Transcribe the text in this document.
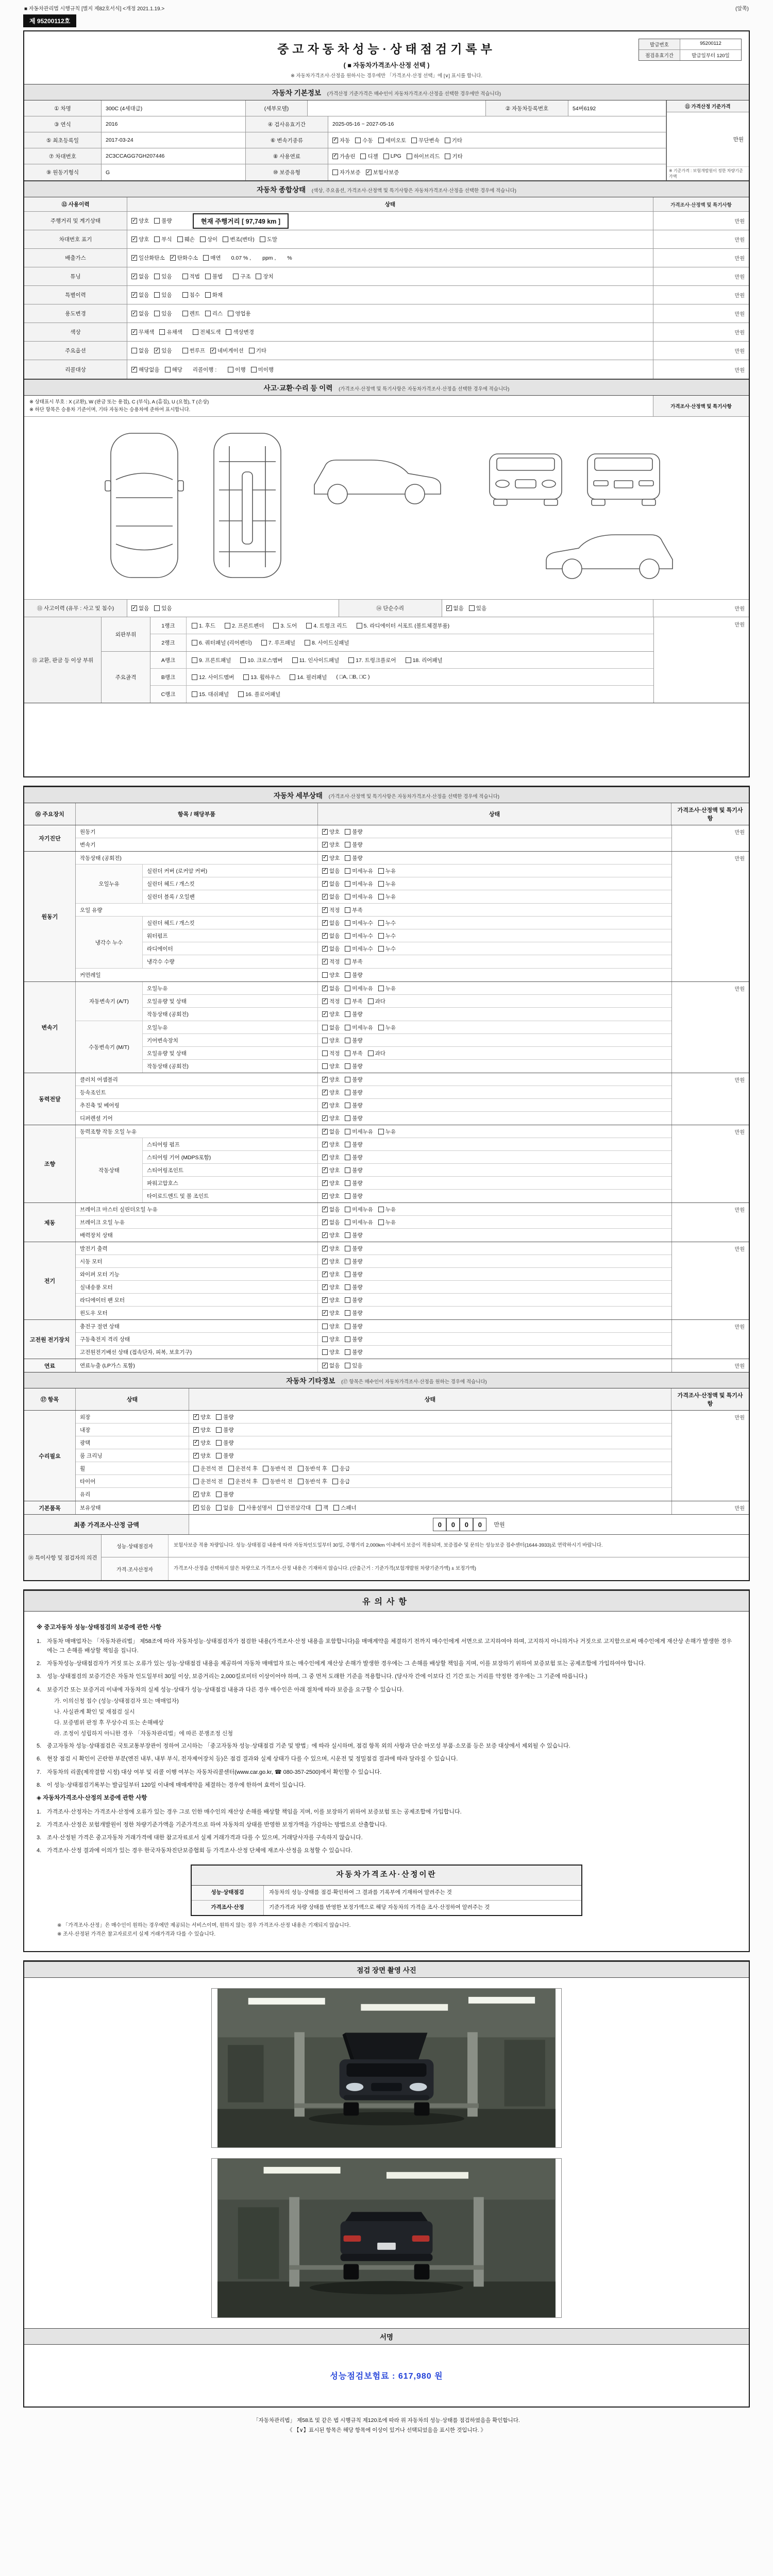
■ 자동차관리법 시행규칙 [별지 제82호서식] <개정 2021.1.19.>	(앞쪽)
제 95200112호
중고자동차성능·상태점검기록부
( ■ 자동차가격조사·산정 선택 )
※ 자동차가격조사·산정을 원하시는 경우에만 「가격조사·산정 선택」에 [∨] 표시를 합니다.
발급번호	95200112
점검유효기간	발급일부터 120일
자동차 기본정보 (가격산정 기준가격은 매수인이 자동차가격조사·산정을 선택한 경우에만 적습니다)
① 차명	300C (4세대급)	(세부모델)	② 자동차등록번호	54버6192
③ 연식	2016	④ 검사유효기간	2025-05-16 ~ 2027-05-16
⑤ 최초등록일	2017-03-24	⑥ 변속기종류	✓ 자동 수동 세미오토 무단변속 기타
⑦ 차대번호	2C3CCAGG7GH207446	⑧ 사용연료	✓ 가솔린 디젤 LPG 하이브리드 기타
⑨ 원동기형식	G	⑩ 보증유형	자가보증 ✓ 보험사보증
⑪ 가격산정 기준가격
만원
※ 기준가격 : 보험개발원이 정한 차량기준가액
자동차 종합상태 (색상, 주요옵션, 가격조사·산정액 및 특기사항은 자동차가격조사·산정을 선택한 경우에 적습니다)
⑫ 사용이력	상태	가격조사·산정액 및 특기사항
주행거리 및 계기상태	✓ 양호 불량	현재 주행거리 [ 97,749 km ]	만원
차대번호 표기	✓ 양호 부식 훼손 상이 변조(변타) 도말	만원
배출가스	✓ 일산화탄소 ✓ 탄화수소 매연 0.07 % , ppm , %	만원
튜닝	✓ 없음 있음	적법 불법	구조 장치	만원
특별이력	✓ 없음 있음	침수 화재	만원
용도변경	✓ 없음 있음	렌트 리스 영업용	만원
색상	✓ 무채색 유채색	전체도색 색상변경	만원
주요옵션	없음 ✓ 있음	썬루프 ✓ 네비게이션 기타	만원
리콜대상	✓ 해당없음 해당 리콜이행 :	이행 미이행	만원
사고·교환·수리 등 이력 (가격조사·산정액 및 특기사항은 자동차가격조사·산정을 선택한 경우에 적습니다)
※ 상태표시 부호 : X (교환), W (판금 또는 용접), C (부식), A (흠집), U (요철), T (손상)
※ 하단 항목은 승용차 기준이며, 기타 자동차는 승용차에 준하여 표시합니다.
가격조사·산정액 및 특기사항
⑬ 사고이력 (유무 : 사고 및 침수)	✓ 없음 있음	⑭ 단순수리	✓ 없음 있음	만원
⑮ 교환, 판금 등 이상 부위
외판부위
1랭크	1. 후드	2. 프론트펜더	3. 도어	4. 트렁크 리드	5. 라디에이터 서포트 (볼트체결부품)
2랭크	6. 쿼터패널 (리어펜더)	7. 루프패널	8. 사이드실패널
주요골격
A랭크	9. 프론트패널	10. 크로스멤버	11. 인사이드패널	17. 트렁크플로어	18. 리어패널
B랭크	12. 사이드멤버	13. 휠하우스	14. 필러패널 ( □A, □B, □C )
C랭크	15. 대쉬패널	16. 플로어패널
만원
자동차 세부상태 (가격조사·산정액 및 특기사항은 자동차가격조사·산정을 선택한 경우에 적습니다)
⑯ 주요장치	항목 / 해당부품	상태
가격조사·산정액 및 특기사항
자기진단
원동기	✓ 양호 불량
변속기	✓ 양호 불량
만원
원동기
작동상태 (공회전)	✓ 양호 불량
오일누유
실린더 커버 (로커암 커버)	✓ 없음 미세누유 누유
실린더 헤드 / 개스킷	✓ 없음 미세누유 누유
실린더 블록 / 오일팬	✓ 없음 미세누유 누유
오일 유량	✓ 적정 부족
냉각수 누수
실린더 헤드 / 개스킷	✓ 없음 미세누수 누수
워터펌프	✓ 없음 미세누수 누수
라디에이터	✓ 없음 미세누수 누수
냉각수 수량	✓ 적정 부족
커먼레일	양호 불량
만원
변속기
자동변속기 (A/T)
오일누유	✓ 없음 미세누유 누유
오일유량 및 상태	✓ 적정 부족 과다
작동상태 (공회전)	✓ 양호 불량
수동변속기 (M/T)
오일누유	없음 미세누유 누유
기어변속장치	양호 불량
오일유량 및 상태	적정 부족 과다
작동상태 (공회전)	양호 불량
만원
동력전달
클러치 어셈블리	✓ 양호 불량
등속조인트	✓ 양호 불량
추진축 및 베어링	✓ 양호 불량
디퍼렌셜 기어	✓ 양호 불량
만원
조향
동력조향 작동 오일 누유	✓ 없음 미세누유 누유
작동상태
스티어링 펌프	✓ 양호 불량
스티어링 기어 (MDPS포함)	✓ 양호 불량
스티어링조인트	✓ 양호 불량
파워고압호스	✓ 양호 불량
타이로드엔드 및 볼 조인트	✓ 양호 불량
만원
제동
브레이크 마스터 실린더오일 누유	✓ 없음 미세누유 누유
브레이크 오일 누유	✓ 없음 미세누유 누유
배력장치 상태	✓ 양호 불량
만원
전기
발전기 출력	✓ 양호 불량
시동 모터	✓ 양호 불량
와이퍼 모터 기능	✓ 양호 불량
실내송풍 모터	✓ 양호 불량
라디에이터 팬 모터	✓ 양호 불량
윈도우 모터	✓ 양호 불량
만원
고전원 전기장치
충전구 절연 상태	양호 불량
구동축전지 격리 상태	양호 불량
고전원전기배선 상태 (접속단자, 피복, 보호기구)	양호 불량
만원
연료	연료누출 (LP가스 포함)	✓ 없음 있음	만원
자동차 기타정보 (⑰ 항목은 매수인이 자동차가격조사·산정을 원하는 경우에 적습니다)
⑰ 항목	상태	상태
가격조사·산정액 및 특기사항
수리필요
외장	✓ 양호 불량
내장	✓ 양호 불량
광택	✓ 양호 불량
룸 크리닝	✓ 양호 불량
휠	운전석 전 운전석 후 동반석 전 동반석 후 응급
타이어	운전석 전 운전석 후 동반석 전 동반석 후 응급
유리	✓ 양호 불량
만원
기본품목	보유상태	✓ 있음 없음 사용설명서 안전삼각대 잭 스패너	만원
최종 가격조사·산정 금액	0 0 0 0	만원
⑱ 특이사항 및 점검자의 의견
성능·상태점검자	보험사보증 적용 차량입니다. 성능·상태점검 내용에 따라 자동차인도일부터 30일, 주행거리 2,000km 이내에서 보증이 적용되며, 보증접수 및 문의는 성능보증 접수센터(1644-3933)로 연락하시기 바랍니다.
가격·조사산정자	가격조사·산정을 선택하지 않은 차량으로 가격조사·산정 내용은 기재하지 않습니다. (산출근거 : 기준가격(보험개발원 차량기준가액) ± 보정가액)
유의사항
※ 중고자동차 성능·상태점검의 보증에 관한 사항
1. 자동차 매매업자는 「자동차관리법」 제58조에 따라 자동차성능·상태점검자가 점검한 내용(가격조사·산정 내용을 포함합니다)을 매매계약을 체결하기 전까지 매수인에게 서면으로 고지하여야 하며, 고지하지 아니하거나 거짓으로 고지함으로써 매수인에게 재산상 손해가 발생한 경우에는 그 손해를 배상할 책임을 집니다.
2. 자동차성능·상태점검자가 거짓 또는 오류가 있는 성능·상태점검 내용을 제공하여 자동차 매매업자 또는 매수인에게 재산상 손해가 발생한 경우에는 그 손해를 배상할 책임을 지며, 이를 보장하기 위하여 보증보험 또는 공제조합에 가입하여야 합니다.
3. 성능·상태점검의 보증기간은 자동차 인도일부터 30일 이상, 보증거리는 2,000킬로미터 이상이어야 하며, 그 중 먼저 도래한 기준을 적용합니다. (당사자 간에 이보다 긴 기간 또는 거리를 약정한 경우에는 그 기준에 따릅니다.)
4. 보증기간 또는 보증거리 이내에 자동차의 실제 성능·상태가 성능·상태점검 내용과 다른 경우 매수인은 아래 절차에 따라 보증을 요구할 수 있습니다.
가. 이의신청 접수 (성능·상태점검자 또는 매매업자)
나. 사실관계 확인 및 재점검 실시
다. 보증범위 판정 후 무상수리 또는 손해배상
라. 조정이 성립하지 아니한 경우 「자동차관리법」에 따른 분쟁조정 신청
5. 중고자동차 성능·상태점검은 국토교통부장관이 정하여 고시하는 「중고자동차 성능·상태점검 기준 및 방법」에 따라 실시하며, 점검 항목 외의 사항과 단순 마모성 부품·소모품 등은 보증 대상에서 제외될 수 있습니다.
6. 현장 점검 시 확인이 곤란한 부분(엔진 내부, 내부 부식, 전자제어장치 등)은 점검 결과와 실제 상태가 다를 수 있으며, 시운전 및 정밀점검 결과에 따라 달라질 수 있습니다.
7. 자동차의 리콜(제작결함 시정) 대상 여부 및 리콜 이행 여부는 자동차리콜센터(www.car.go.kr, ☎ 080-357-2500)에서 확인할 수 있습니다.
8. 이 성능·상태점검기록부는 발급일부터 120일 이내에 매매계약을 체결하는 경우에 한하여 효력이 있습니다.
◈ 자동차가격조사·산정의 보증에 관한 사항
1. 가격조사·산정자는 가격조사·산정에 오류가 있는 경우 그로 인한 매수인의 재산상 손해를 배상할 책임을 지며, 이를 보장하기 위하여 보증보험 또는 공제조합에 가입합니다.
2. 가격조사·산정은 보험개발원이 정한 차량기준가액을 기준가격으로 하여 자동차의 상태를 반영한 보정가액을 가감하는 방법으로 산출합니다.
3. 조사·산정된 가격은 중고자동차 거래가격에 대한 참고자료로서 실제 거래가격과 다를 수 있으며, 거래당사자를 구속하지 않습니다.
4. 가격조사·산정 결과에 이의가 있는 경우 한국자동차진단보증협회 등 가격조사·산정 단체에 재조사·산정을 요청할 수 있습니다.
자동차가격조사·산정이란
성능·상태점검	자동차의 성능·상태를 점검·확인하여 그 결과를 기록부에 기재하여 알려주는 것
가격조사·산정	기준가격과 차량 상태를 반영한 보정가액으로 해당 자동차의 가격을 조사·산정하여 알려주는 것
※ 「가격조사·산정」은 매수인이 원하는 경우에만 제공되는 서비스이며, 원하지 않는 경우 가격조사·산정 내용은 기재되지 않습니다.
※ 조사·산정된 가격은 참고자료로서 실제 거래가격과 다를 수 있습니다.
점검 장면 촬영 사진
서명
성능점검보험료 : 617,980 원
「자동차관리법」 제58조 및 같은 법 시행규칙 제120조에 따라 위 자동차의 성능·상태를 점검하였음을 확인합니다.
《 【∨】표시된 항목은 해당 항목에 이상이 있거나 선택되었음을 표시한 것입니다. 》
